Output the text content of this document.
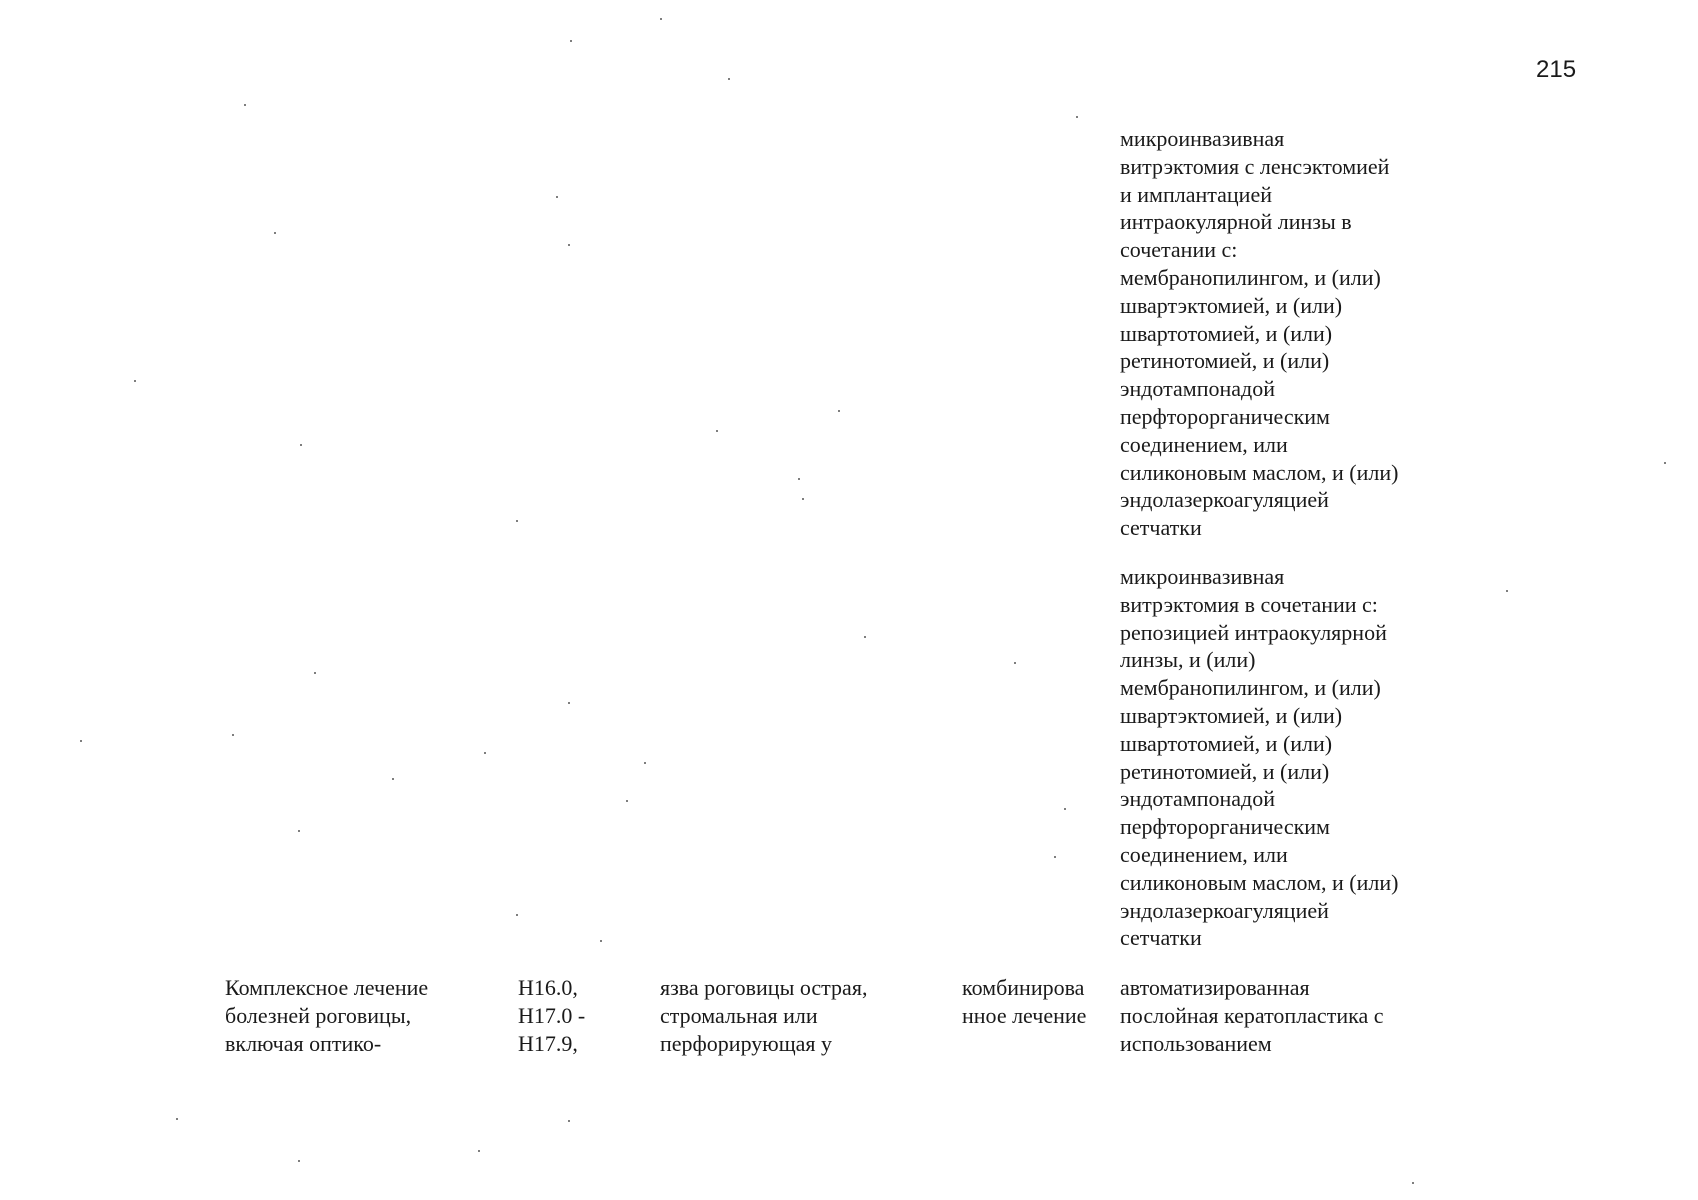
215
микроинвазивная
витрэктомия с ленсэктомией
и имплантацией
интраокулярной линзы в
сочетании с:
мембранопилингом, и (или)
швартэктомией, и (или)
швартотомией, и (или)
ретинотомией, и (или)
эндотампонадой
перфторорганическим
соединением, или
силиконовым маслом, и (или)
эндолазеркоагуляцией
сетчатки
микроинвазивная
витрэктомия в сочетании с:
репозицией интраокулярной
линзы, и (или)
мембранопилингом, и (или)
швартэктомией, и (или)
швартотомией, и (или)
ретинотомией, и (или)
эндотампонадой
перфторорганическим
соединением, или
силиконовым маслом, и (или)
эндолазеркоагуляцией
сетчатки
Комплексное лечение
болезней роговицы,
включая оптико-
H16.0,
H17.0 -
H17.9,
язва роговицы острая,
стромальная или
перфорирующая у
комбинирова
нное лечение
автоматизированная
послойная кератопластика с
использованием
